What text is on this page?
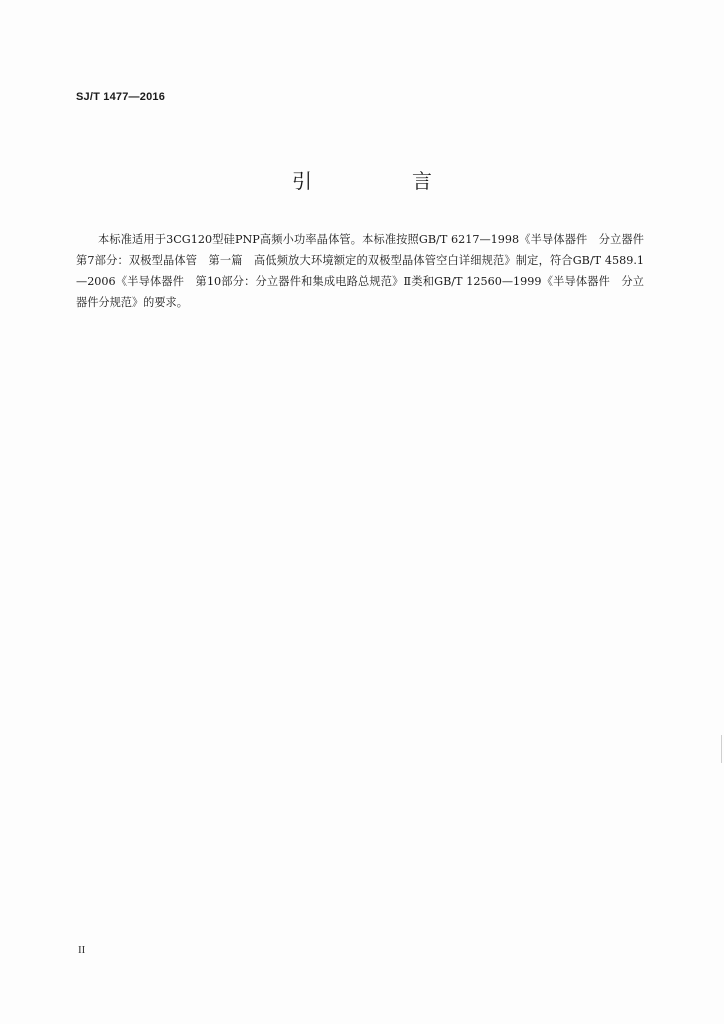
SJ/T 1477—2016
引　言

本标准适用于3CG120型硅PNP高频小功率晶体管。本标准按照GB/T 6217—1998《半导体器件　分立器件　第7部分：双极型晶体管　第一篇　高低频放大环境额定的双极型晶体管空白详细规范》制定，符合GB/T 4589.1—2006《半导体器件　第10部分：分立器件和集成电路总规范》Ⅱ类和GB/T 12560—1999《半导体器件　分立器件分规范》的要求。

II
